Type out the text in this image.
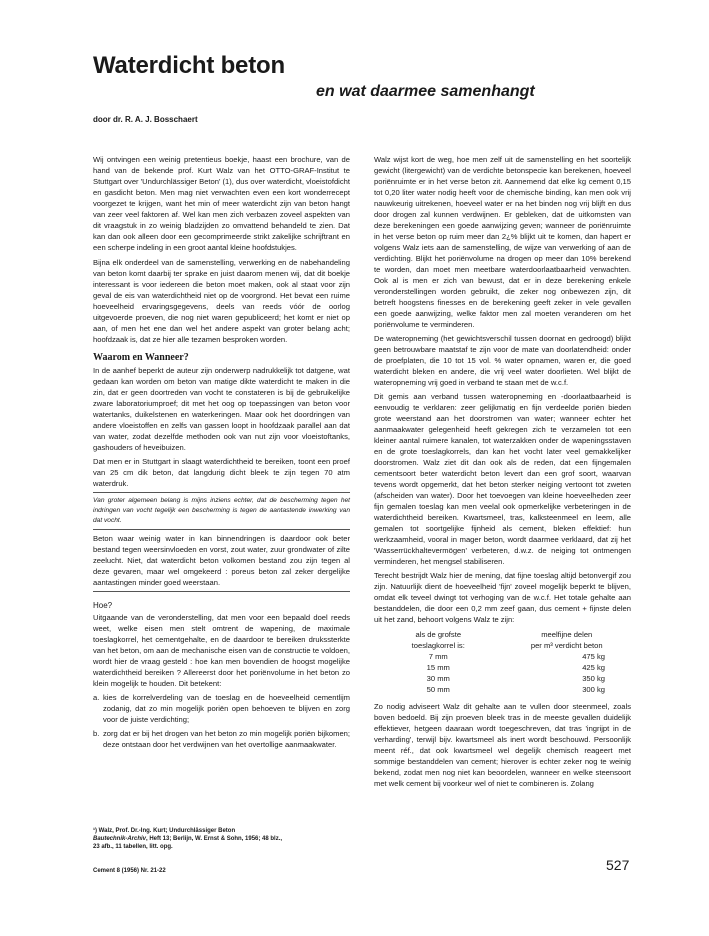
Waterdicht beton
en wat daarmee samenhangt
door dr. R. A. J. Bosschaert

Wij ontvingen een weinig pretentieus boekje, haast een brochure, van de hand van de bekende prof. Kurt Walz van het OTTO-GRAF-Institut te Stuttgart over 'Undurchlässiger Beton' (1), dus over waterdicht, vloeistofdicht en gasdicht beton. Men mag niet verwachten even een kort wonderrecept voorgezet te krijgen, want het min of meer waterdicht zijn van beton hangt van zeer veel faktoren af. Wel kan men zich verbazen zoveel aspekten van dit vraagstuk in zo weinig bladzijden zo omvattend behandeld te zien. Dat kan dan ook alleen door een gecomprimeerde strikt zakelijke schrijftrant en een scherpe indeling in een groot aantal kleine hoofdstukjes.

Bijna elk onderdeel van de samenstelling, verwerking en de nabehandeling van beton komt daarbij ter sprake en juist daarom menen wij, dat dit boekje interessant is voor iedereen die beton moet maken, ook al staat voor zijn geval de eis van waterdichtheid niet op de voorgrond. Het bevat een ruime hoeveelheid ervaringsgegevens, deels van reeds vóór de oorlog uitgevoerde proeven, die nog niet waren gepubliceerd; het komt er niet op aan, of men het ene dan wel het andere aspekt van groter belang acht; hoofdzaak is, dat ze hier alle tezamen besproken worden.

Waarom en Wanneer?

In de aanhef beperkt de auteur zijn onderwerp nadrukkelijk tot datgene, wat gedaan kan worden om beton van matige dikte waterdicht te maken in die zin, dat er geen doortreden van vocht te constateren is bij de gebruikelijke zware laboratoriumproef; dit met het oog op toepassingen van beton voor watertanks, duikelstenen en waterkeringen. Maar ook het doordringen van andere vloeistoffen en zelfs van gassen loopt in hoofdzaak parallel aan dat van water, zodat dezelfde methoden ook van nut zijn voor vloeistoftanks, gashouders of heveibuizen.

Dat men er in Stuttgart in slaagt waterdichtheid te bereiken, toont een proef van 25 cm dik beton, dat langdurig dicht bleek te zijn tegen 70 atm waterdruk.

Van groter algemeen belang is mijns inziens echter, dat de bescherming tegen het indringen van vocht tegelijk een bescherming is tegen de aantastende inwerking van dat vocht.

Beton waar weinig water in kan binnendringen is daardoor ook beter bestand tegen weersinvloeden en vorst, zout water, zuur grondwater of zilte zeelucht. Niet, dat waterdicht beton volkomen bestand zou zijn tegen al deze gevaren, maar wel omgekeerd : poreus beton zal zeker dergelijke aantastingen minder goed weerstaan.

Hoe?

Uitgaande van de veronderstelling, dat men voor een bepaald doel reeds weet, welke eisen men stelt omtrent de wapening, de maximale toeslagkorrel, het cementgehalte, en de daardoor te bereiken drukssterkte van het beton, om aan de mechanische eisen van de constructie te voldoen, wordt hier de vraag gesteld : hoe kan men bovendien de hoogst mogelijke waterdichtheid bereiken ? Allereerst door het poriënvolume in het beton zo klein mogelijk te houden. Dit betekent:

a. kies de korrelverdeling van de toeslag en de hoeveelheid cementlijm zodanig, dat zo min mogelijk poriën open behoeven te blijven en zorg voor de juiste verdichting;
b. zorg dat er bij het drogen van het beton zo min mogelijk poriën bijkomen; deze ontstaan door het verdwijnen van het overtollige aanmaakwater.

Walz wijst kort de weg, hoe men zelf uit de samenstelling en het soortelijk gewicht (litergewicht) van de verdichte betonspecie kan berekenen, hoeveel poriënruimte er in het verse beton zit. Aannemend dat elke kg cement 0,15 tot 0,20 liter water nodig heeft voor de chemische binding, kan men ook vrij nauwkeurig uitrekenen, hoeveel water er na het binden nog vrij blijft en dus door drogen zal kunnen verdwijnen. Er gebleken, dat de uitkomsten van deze berekeningen een goede aanwijzing geven; wanneer de poriënruimte in het verse beton op ruim meer dan 2¿% blijkt uit te komen, dan hapert er volgens Walz iets aan de samenstelling, de wijze van verwerking of aan de verdichting. Blijkt het poriënvolume na drogen op meer dan 10% berekend te worden, dan moet men meetbare waterdoorlaatbaarheid verwachten. Ook al is men er zich van bewust, dat er in deze berekening enkele veronderstellingen worden gebruikt, die zeker nog onbewezen zijn, dit betreft hoogstens finesses en de berekening geeft zeker in vele gevallen een goede aanwijzing, welke faktor men zal moeten veranderen om het poriënvolume te verminderen.

De wateropneming (het gewichtsverschil tussen doornat en gedroogd) blijkt geen betrouwbare maatstaf te zijn voor de mate van doorlatendheid: onder de proefplaten, die 10 tot 15 vol. % water opnamen, waren er, die goed waterdicht bleken en andere, die vrij veel water doorlieten. Wel blijkt de wateropneming vrij goed in verband te staan met de w.c.f.

Dit gemis aan verband tussen wateropneming en -doorlaatbaarheid is eenvoudig te verklaren: zeer gelijkmatig en fijn verdeelde poriën bieden grote weerstand aan het doorstromen van water; wanneer echter het aanmaakwater gelegenheid heeft gekregen zich te verzamelen tot een kleiner aantal ruimere kanalen, tot waterzakken onder de wapeningsstaven en de grote toeslagkorrels, dan kan het vocht later veel gemakkelijker doorstromen. Walz ziet dit dan ook als de reden, dat een fijngemalen cementsoort beter waterdicht beton levert dan een grof soort, waarvan tevens wordt opgemerkt, dat het beton sterker neiging vertoont tot zweten (afscheiden van water). Door het toevoegen van kleine hoeveelheden zeer fijn gemalen toeslag kan men veelal ook opmerkelijke verbeteringen in de waterdichtheid bereiken. Kwartsmeel, tras, kalksteenmeel en leem, alle gemalen tot soortgelijke fijnheid als cement, bleken effektief: hun werkzaamheid, vooral in mager beton, wordt daarmee verklaard, dat zij het 'Wasserrückhaltevermögen' verbeteren, d.w.z. de neiging tot ontmengen verminderen, het mengsel stabiliseren.

Terecht bestrijdt Walz hier de mening, dat fijne toeslag altijd betonvergif zou zijn. Natuurlijk dient de hoeveelheid 'fijn' zoveel mogelijk beperkt te blijven, omdat elk teveel dwingt tot verhoging van de w.c.f. Het totale gehalte aan bestanddelen, die door een 0,2 mm zeef gaan, dus cement + fijnste delen uit het zand, behoort volgens Walz te zijn:

als de grofste	meelfijne delen
toeslagkorrel is:	per m³ verdicht beton
7 mm	475 kg
15 mm	425 kg
30 mm	350 kg
50 mm	300 kg

Zo nodig adviseert Walz dit gehalte aan te vullen door steenmeel, zoals boven bedoeld. Bij zijn proeven bleek tras in de meeste gevallen duidelijk effektiever, hetgeen daaraan wordt toegeschreven, dat tras 'ingrijpt in de verharding', terwijl bijv. kwartsmeel als inert wordt beschouwd. Persoonlijk meent réf., dat ook kwartsmeel wel degelijk chemisch reageert met sommige bestanddelen van cement; hierover is echter zeker nog te weinig bekend, zodat men nog niet kan beoordelen, wanneer en welke steensoort met welk cement bij voorkeur wel of niet te combineren is. Zolang

¹) Walz, Prof. Dr.-Ing. Kurt; Undurchlässiger Beton
Bautechnik-Archiv, Heft 13; Berlijn, W. Ernst & Sohn, 1956; 48 blz.,
23 afb., 11 tabellen, litt. opg.
Cement 8 (1956) Nr. 21-22	527
